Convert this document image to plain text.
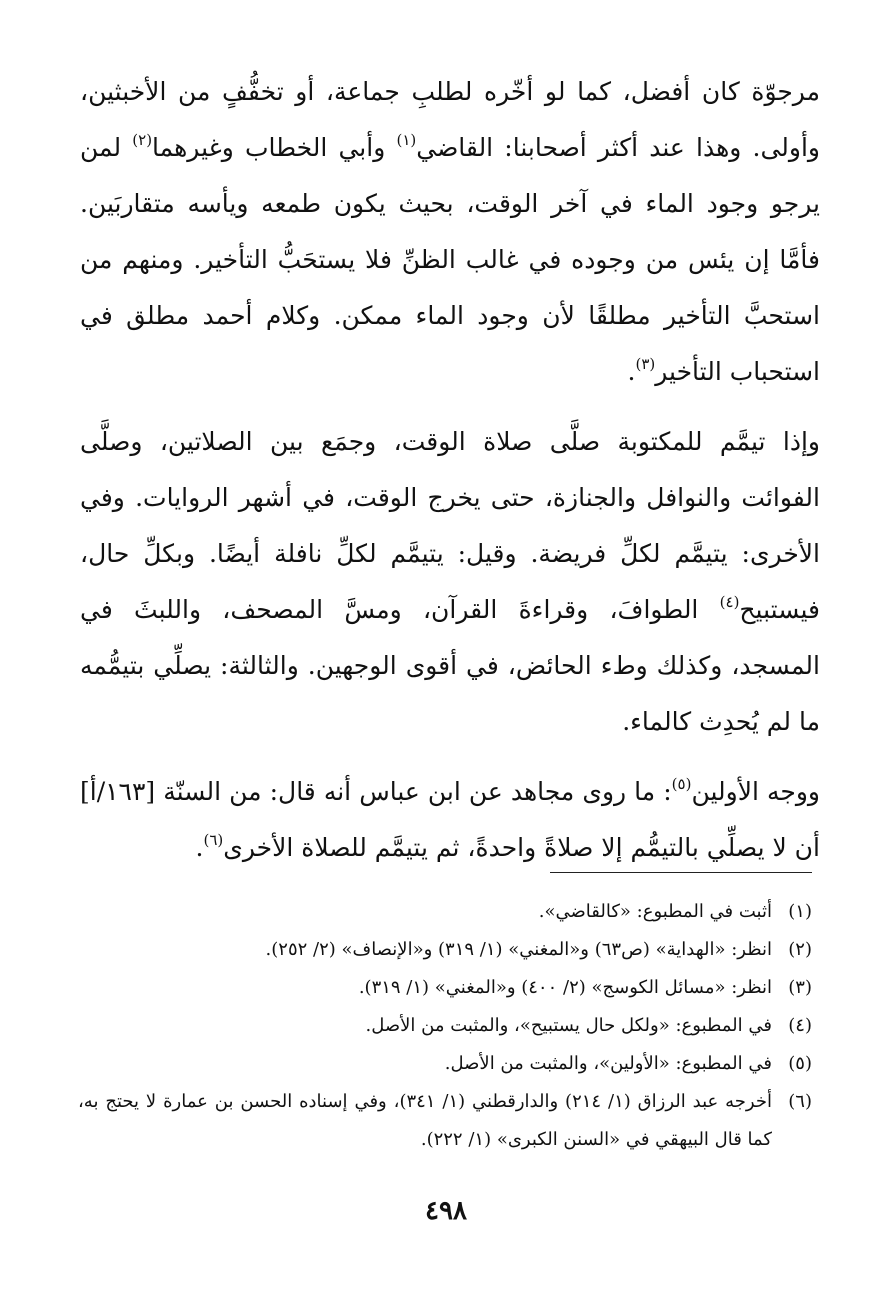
مرجوّة كان أفضل، كما لو أخّره لطلبِ جماعة، أو تخفُّفٍ من الأخبثين، وأولى. وهذا عند أكثر أصحابنا: القاضي$^{(١)}$ وأبي الخطاب وغيرهما$^{(٢)}$ لمن يرجو وجود الماء في آخر الوقت، بحيث يكون طمعه ويأسه متقاربَين. فأمَّا إن يئس من وجوده في غالب الظنِّ فلا يستحَبُّ التأخير. ومنهم من استحبَّ التأخير مطلقًا لأن وجود الماء ممكن. وكلام أحمد مطلق في استحباب التأخير$^{(٣)}$.

وإذا تيمَّم للمكتوبة صلَّى صلاة الوقت، وجمَع بين الصلاتين، وصلَّى الفوائت والنوافل والجنازة، حتى يخرج الوقت، في أشهر الروايات. وفي الأخرى: يتيمَّم لكلِّ فريضة. وقيل: يتيمَّم لكلِّ نافلة أيضًا. وبكلِّ حال، فيستبيح$^{(٤)}$ الطوافَ، وقراءةَ القرآن، ومسَّ المصحف، واللبثَ في المسجد، وكذلك وطء الحائض، في أقوى الوجهين. والثالثة: يصلِّي بتيمُّمه ما لم يُحدِث كالماء.

ووجه الأولين$^{(٥)}$: ما روى مجاهد عن ابن عباس أنه قال: من السنّة [١٦٣/أ] أن لا يصلِّي بالتيمُّم إلا صلاةً واحدةً، ثم يتيمَّم للصلاة الأخرى$^{(٦)}$.

(١)
أثبت في المطبوع: «كالقاضي».
(٢)
انظر: «الهداية» (ص٦٣) و«المغني» (١/ ٣١٩) و«الإنصاف» (٢/ ٢٥٢).
(٣)
انظر: «مسائل الكوسج» (٢/ ٤٠٠) و«المغني» (١/ ٣١٩).
(٤)
في المطبوع: «ولكل حال يستبيح»، والمثبت من الأصل.
(٥)
في المطبوع: «الأولين»، والمثبت من الأصل.
(٦)
أخرجه عبد الرزاق (١/ ٢١٤) والدارقطني (١/ ٣٤١)، وفي إسناده الحسن بن عمارة لا يحتج به، كما قال البيهقي في «السنن الكبرى» (١/ ٢٢٢).
٤٩٨
